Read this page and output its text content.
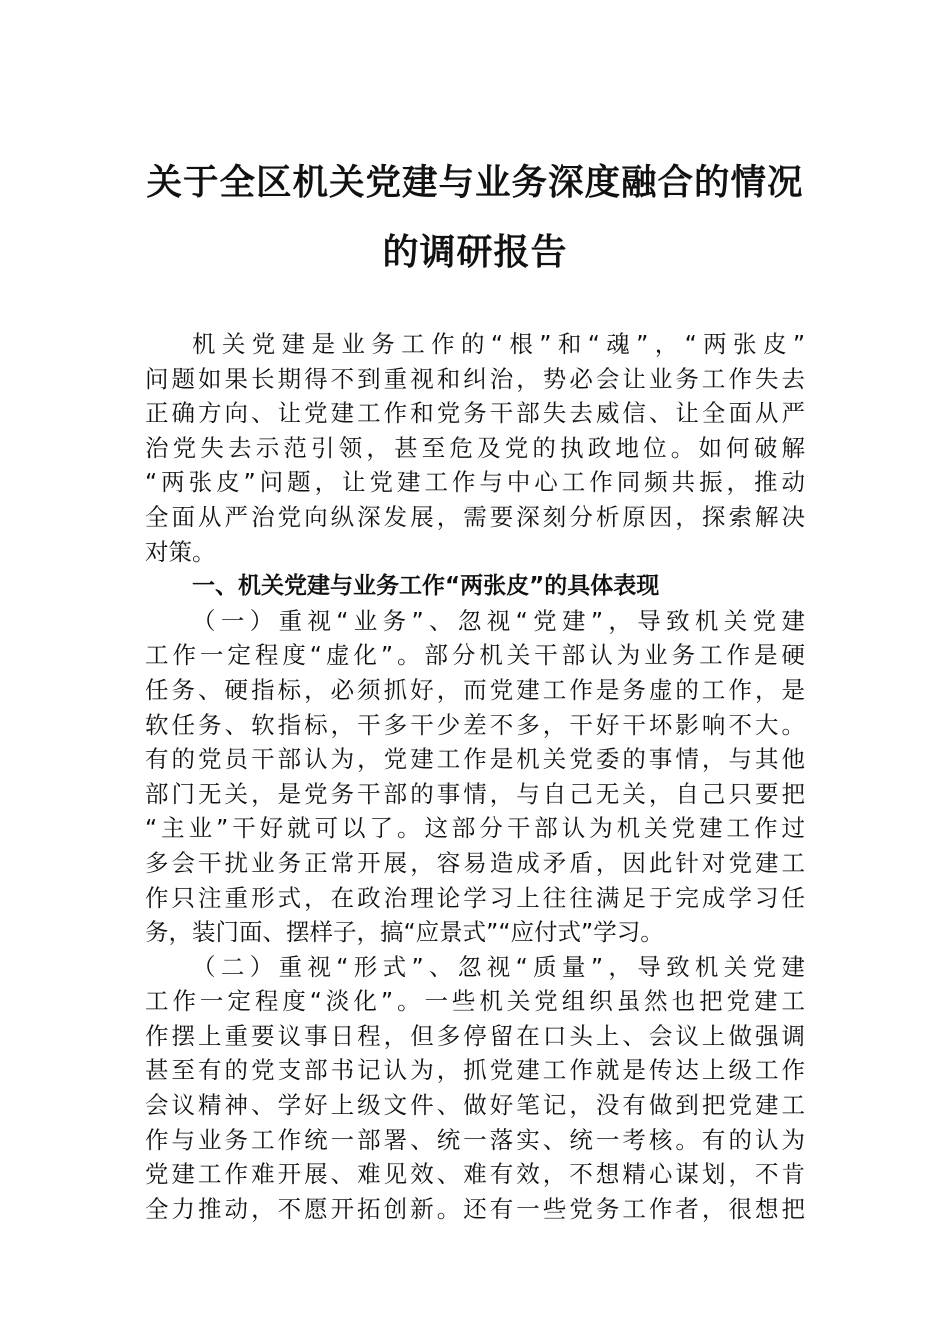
关于全区机关党建与业务深度融合的情况
的调研报告
机关党建是业务工作的“根”和“魂”，“两张皮”
问题如果长期得不到重视和纠治，势必会让业务工作失去
正确方向、让党建工作和党务干部失去威信、让全面从严
治党失去示范引领，甚至危及党的执政地位。如何破解
“两张皮”问题，让党建工作与中心工作同频共振，推动
全面从严治党向纵深发展，需要深刻分析原因，探索解决
对策。
一、机关党建与业务工作“两张皮”的具体表现
（一）重视“业务”、忽视“党建”，导致机关党建
工作一定程度“虚化”。部分机关干部认为业务工作是硬
任务、硬指标，必须抓好，而党建工作是务虚的工作，是
软任务、软指标，干多干少差不多，干好干坏影响不大。
有的党员干部认为，党建工作是机关党委的事情，与其他
部门无关，是党务干部的事情，与自己无关，自己只要把
“主业”干好就可以了。这部分干部认为机关党建工作过
多会干扰业务正常开展，容易造成矛盾，因此针对党建工
作只注重形式，在政治理论学习上往往满足于完成学习任
务，装门面、摆样子，搞“应景式”“应付式”学习。
（二）重视“形式”、忽视“质量”，导致机关党建
工作一定程度“淡化”。一些机关党组织虽然也把党建工
作摆上重要议事日程，但多停留在口头上、会议上做强调
甚至有的党支部书记认为，抓党建工作就是传达上级工作
会议精神、学好上级文件、做好笔记，没有做到把党建工
作与业务工作统一部署、统一落实、统一考核。有的认为
党建工作难开展、难见效、难有效，不想精心谋划，不肯
全力推动，不愿开拓创新。还有一些党务工作者，很想把
